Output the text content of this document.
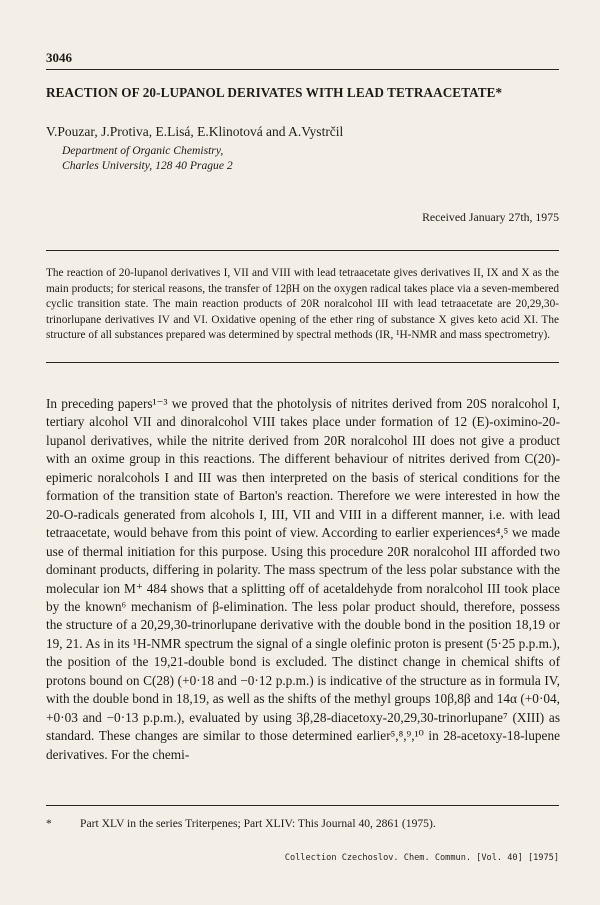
3046
REACTION OF 20-LUPANOL DERIVATES WITH LEAD TETRAACETATE*
V.Pouzar, J.Protiva, E.Lisá, E.Klinotová and A.Vystrčil
Department of Organic Chemistry,
Charles University, 128 40 Prague 2
Received January 27th, 1975

The reaction of 20-lupanol derivatives I, VII and VIII with lead tetraacetate gives derivatives II, IX and X as the main products; for sterical reasons, the transfer of 12βH on the oxygen radical takes place via a seven-membered cyclic transition state. The main reaction products of 20R noralcohol III with lead tetraacetate are 20,29,30-trinorlupane derivatives IV and VI. Oxidative opening of the ether ring of substance X gives keto acid XI. The structure of all substances prepared was determined by spectral methods (IR, ¹H-NMR and mass spectrometry).

In preceding papers¹⁻³ we proved that the photolysis of nitrites derived from 20S noralcohol I, tertiary alcohol VII and dinoralcohol VIII takes place under formation of 12 (E)-oximino-20-lupanol derivatives, while the nitrite derived from 20R noralcohol III does not give a product with an oxime group in this reactions. The different behaviour of nitrites derived from C(20)-epimeric noralcohols I and III was then interpreted on the basis of sterical conditions for the formation of the transition state of Barton's reaction. Therefore we were interested in how the 20-O-radicals generated from alcohols I, III, VII and VIII in a different manner, i.e. with lead tetraacetate, would behave from this point of view. According to earlier experiences⁴,⁵ we made use of thermal initiation for this purpose. Using this procedure 20R noralcohol III afforded two dominant products, differing in polarity. The mass spectrum of the less polar substance with the molecular ion M⁺ 484 shows that a splitting off of acetaldehyde from noralcohol III took place by the known⁶ mechanism of β-elimination. The less polar product should, therefore, possess the structure of a 20,29,30-trinorlupane derivative with the double bond in the position 18,19 or 19, 21. As in its ¹H-NMR spectrum the signal of a single olefinic proton is present (5·25 p.p.m.), the position of the 19,21-double bond is excluded. The distinct change in chemical shifts of protons bound on C(28) (+0·18 and −0·12 p.p.m.) is indicative of the structure as in formula IV, with the double bond in 18,19, as well as the shifts of the methyl groups 10β,8β and 14α (+0·04, +0·03 and −0·13 p.p.m.), evaluated by using 3β,28-diacetoxy-20,29,30-trinorlupane⁷ (XIII) as standard. These changes are similar to those determined earlier⁵,⁸,⁹,¹⁰ in 28-acetoxy-18-lupene derivatives. For the chemi-

* Part XLV in the series Triterpenes; Part XLIV: This Journal 40, 2861 (1975).
Collection Czechoslov. Chem. Commun. [Vol. 40] [1975]
